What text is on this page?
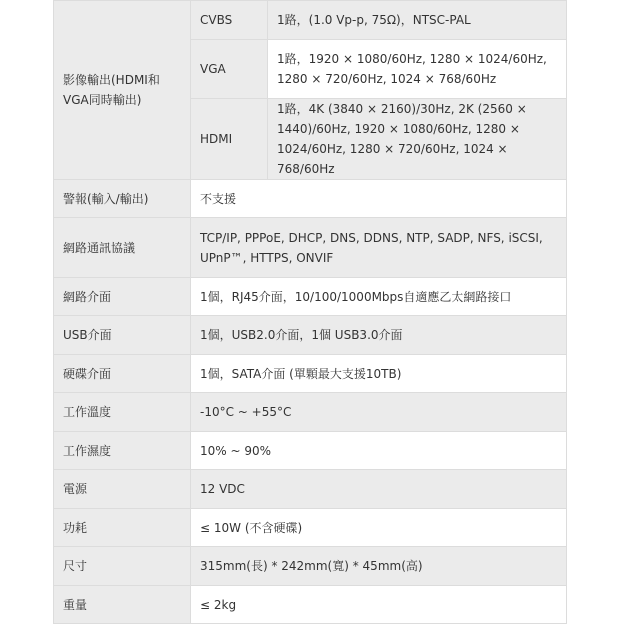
影像輸出(HDMI和VGA同時輸出)	CVBS	1路，(1.0 Vp-p, 75Ω)，NTSC-PAL
	VGA	1路，1920 × 1080/60Hz, 1280 × 1024/60Hz, 1280 × 720/60Hz, 1024 × 768/60Hz
	HDMI	1路，4K (3840 × 2160)/30Hz, 2K (2560 × 1440)/60Hz, 1920 × 1080/60Hz, 1280 × 1024/60Hz, 1280 × 720/60Hz, 1024 × 768/60Hz
警報(輸入/輸出)	不支援	
網路通訊協議	TCP/IP, PPPoE, DHCP, DNS, DDNS, NTP, SADP, NFS, iSCSI, UPnP™, HTTPS, ONVIF	
網路介面	1個，RJ45介面，10/100/1000Mbps自適應乙太網路接口	
USB介面	1個，USB2.0介面，1個 USB3.0介面	
硬碟介面	1個，SATA介面 (單顆最大支援10TB)	
工作溫度	-10°C ~ +55°C	
工作濕度	10% ~ 90%	
電源	12 VDC	
功耗	≤ 10W (不含硬碟)	
尺寸	315mm(長) * 242mm(寬) * 45mm(高)	
重量	≤ 2kg	
